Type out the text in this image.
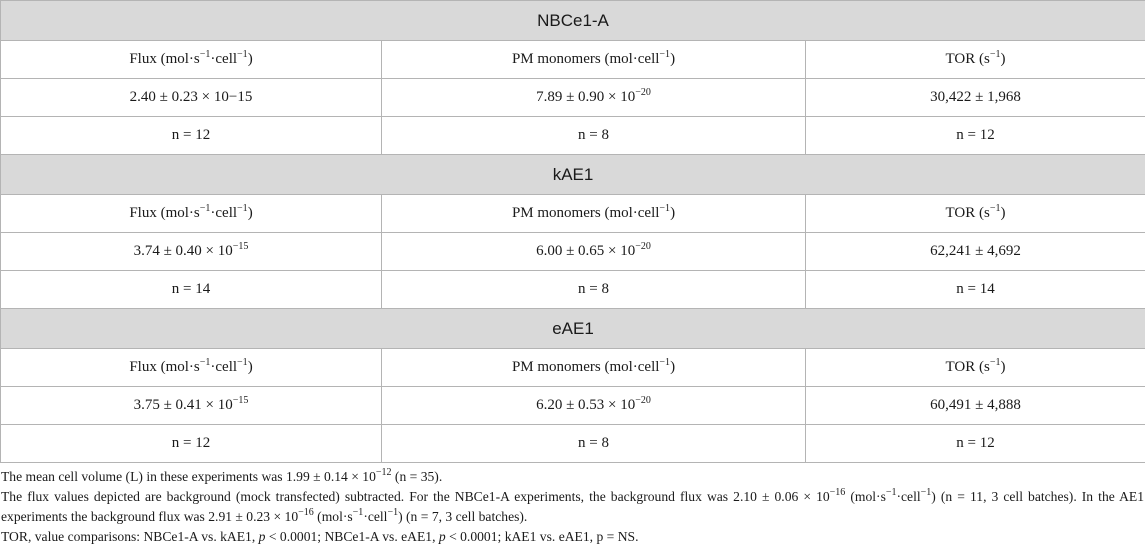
NBCe1-A		
Flux $(mol\cdot s^{-1}\cdot cell^{-1})$	PM monomers (mol·cell$^{-1}$)	TOR $(s^{-1})$
2.40 ± 0.23 × 10−15	$7.89 \pm 0.90 \times 10^{-20}$	30,422 ± 1,968
n = 12	n = 8	n = 12
kAE1		
Flux $(mol\cdot s^{-1}\cdot cell^{-1})$	PM monomers (mol·cell$^{-1}$)	TOR $(s^{-1})$
$3.74 \pm 0.40 \times 10^{-15}$	$6.00 \pm 0.65 \times 10^{-20}$	62,241 ± 4,692
n = 14	n = 8	n = 14
eAE1		
Flux $(mol\cdot s^{-1}\cdot cell^{-1})$	PM monomers (mol·cell$^{-1}$)	TOR $(s^{-1})$
$3.75 \pm 0.41 \times 10^{-15}$	$6.20 \pm 0.53 \times 10^{-20}$	60,491 ± 4,888
n = 12	n = 8	n = 12

The mean cell volume (L) in these experiments was $1.99 \pm 0.14 \times 10^{-12}$ (n = 35).

The flux values depicted are background (mock transfected) subtracted. For the NBCe1-A experiments, the background flux was $2.10 \pm 0.06 \times 10^{-16}$ $(mol\cdot s^{-1}\cdot cell^{-1}) (n = 11$, 3 cell batches). In the AE1 experiments the background flux was $2.91 \pm 0.23 \times 10^{-16}$ $(mol\cdot s^{-1}\cdot cell^{-1}) (n = 7$, 3 cell batches).

TOR, value comparisons: NBCe1-A vs. kAE1, p < 0.0001; NBCe1-A vs. eAE1, p < 0.0001; kAE1 vs. eAE1, p = NS.
